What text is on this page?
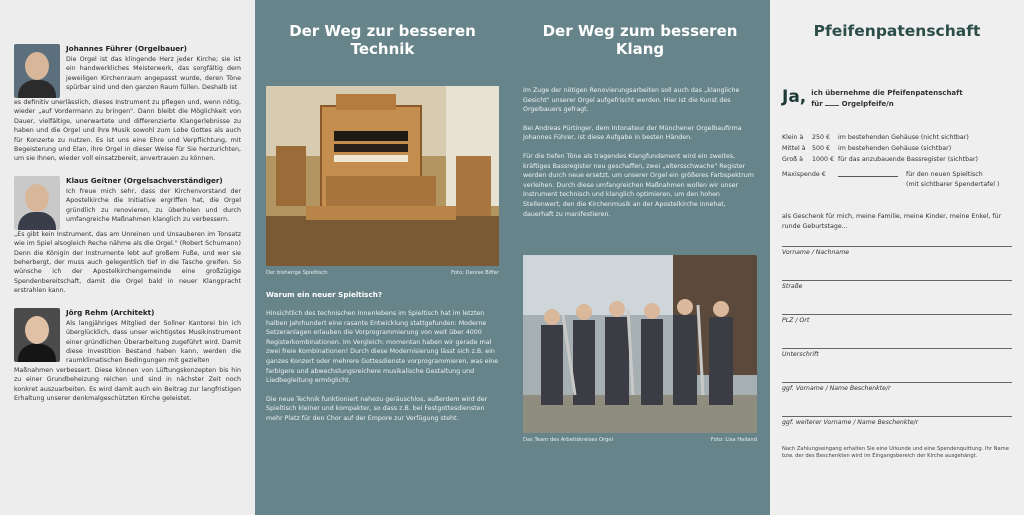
Johannes Führer (Orgelbauer)
Die Orgel ist das klingende Herz jeder Kirche; sie ist ein handwerkliches Meisterwerk, das sorgfältig dem jeweiligen Kirchenraum angepasst wurde, deren Töne spürbar sind und den ganzen Raum füllen. Deshalb ist
es definitiv unerlässlich, dieses Instrument zu pflegen und, wenn nötig, wieder „auf Vordermann zu bringen". Dann bleibt die Möglichkeit von Dauer, vielfältige, unerwartete und differenzierte Klangerlebnisse zu haben und die Orgel und ihre Musik sowohl zum Lobe Gottes als auch für Konzerte zu nutzen. Es ist uns eine Ehre und Verpflichtung, mit Begeisterung und Elan, ihre Orgel in dieser Weise für Sie herzurichten, um sie Ihnen, wieder voll einsatzbereit, anvertrauen zu können.
Klaus Geitner (Orgelsachverständiger)
Ich freue mich sehr, dass der Kirchenvorstand der Apostelkirche die Initiative ergriffen hat, die Orgel gründlich zu renovieren, zu überholen und durch umfangreiche Maßnahmen klanglich zu verbessern.
„Es gibt kein Instrument, das am Unreinen und Unsauberen im Tonsatz wie im Spiel alsogleich Reche nähme als die Orgel." (Robert Schumann) Denn die Königin der Instrumente lebt auf großem Fuße, und wer sie beherbergt, der muss auch gelegentlich tief in die Tasche greifen. So wünsche ich der Apostelkirchengemeinde eine großzügige Spendenbereitschaft, damit die Orgel bald in neuer Klangpracht erstrahlen kann.
Jörg Rehm (Architekt)
Als langjähriges Mitglied der Sollner Kantorei bin ich überglücklich, dass unser wichtigstes Musikinstrument einer gründlichen Überarbeitung zugeführt wird. Damit diese Investition Bestand haben kann, werden die raumklimatischen Bedingungen mit gezielten
Maßnahmen verbessert. Diese können von Lüftungskonzepten bis hin zu einer Grundbeheizung reichen und sind in nächster Zeit noch konkret auszuarbeiten. Es wird damit auch ein Beitrag zur langfristigen Erhaltung unserer denkmalgeschützten Kirche geleistet.
Der Weg zur besseren Technik
Der bisherige Spieltisch	Foto: Denise Biffar
Warum ein neuer Spieltisch?

Hinsichtlich des technischen Innenlebens im Spieltisch hat im letzten halben Jahrhundert eine rasante Entwicklung stattgefunden: Moderne Setzeranlagen erlauben die Vorprogrammierung von weit über 4000 Registerkombinationen. Im Vergleich: momentan haben wir gerade mal zwei freie Kombinationen! Durch diese Modernisierung lässt sich z.B. ein ganzes Konzert oder mehrere Gottesdienste vorprogrammieren, was eine farbigere und abwechslungsreichere musikalische Gestaltung und Liedbegleitung ermöglicht.

Die neue Technik funktioniert nahezu geräuschlos, außerdem wird der Spieltisch kleiner und kompakter, so dass z.B. bei Festgottesdiensten mehr Platz für den Chor auf der Empore zur Verfügung steht.

Der Weg zum besseren Klang

Im Zuge der nötigen Renovierungsarbeiten soll auch das „klangliche Gesicht" unserer Orgel aufgefrischt werden. Hier ist die Kunst des Orgelbauers gefragt.

Bei Andreas Pürtinger, dem Intonateur der Münchener Orgelbaufirma Johannes Führer, ist diese Aufgabe in besten Händen.

Für die tiefen Töne als tragendes Klangfundament wird ein zweites, kräftiges Bassregister neu geschaffen, zwei „altersschwache" Register werden durch neue ersetzt, um unserer Orgel ein größeres Farbspektrum verleihen. Durch diese umfangreichen Maßnahmen wollen wir unser Instrument technisch und klanglich optimieren, um den hohen Stellenwert, den die Kirchenmusik an der Apostelkirche innehat, dauerhaft zu manifestieren.

Das Team des Arbeitskreises Orgel	Foto: Lisa Heiland
Pfeifenpatenschaft
Ja, ich übernehme die Pfeifenpatenschaft
für	Orgelpfeife/n
Klein à	250 €	im bestehenden Gehäuse (nicht sichtbar)
Mittel à	500 €	im bestehenden Gehäuse (sichtbar)
Groß à	1000 € für das anzubauende Bassregister (sichtbar)
Maxispende €	für den neuen Spieltisch
(mit sichtbarer Spendertafel )
als Geschenk für mich, meine Familie, meine Kinder, meine Enkel, für runde Geburtstage...
Vorname / Nachname
Straße
PLZ / Ort
Unterschrift
ggf. Vorname / Name Beschenkte/r
ggf. weiterer Vorname / Name Beschenkte/r
Nach Zahlungseingang erhalten Sie eine Urkunde und eine Spendenquittung. Ihr Name bzw. der des Beschenkten wird im Eingangsbereich der Kirche ausgehängt.
